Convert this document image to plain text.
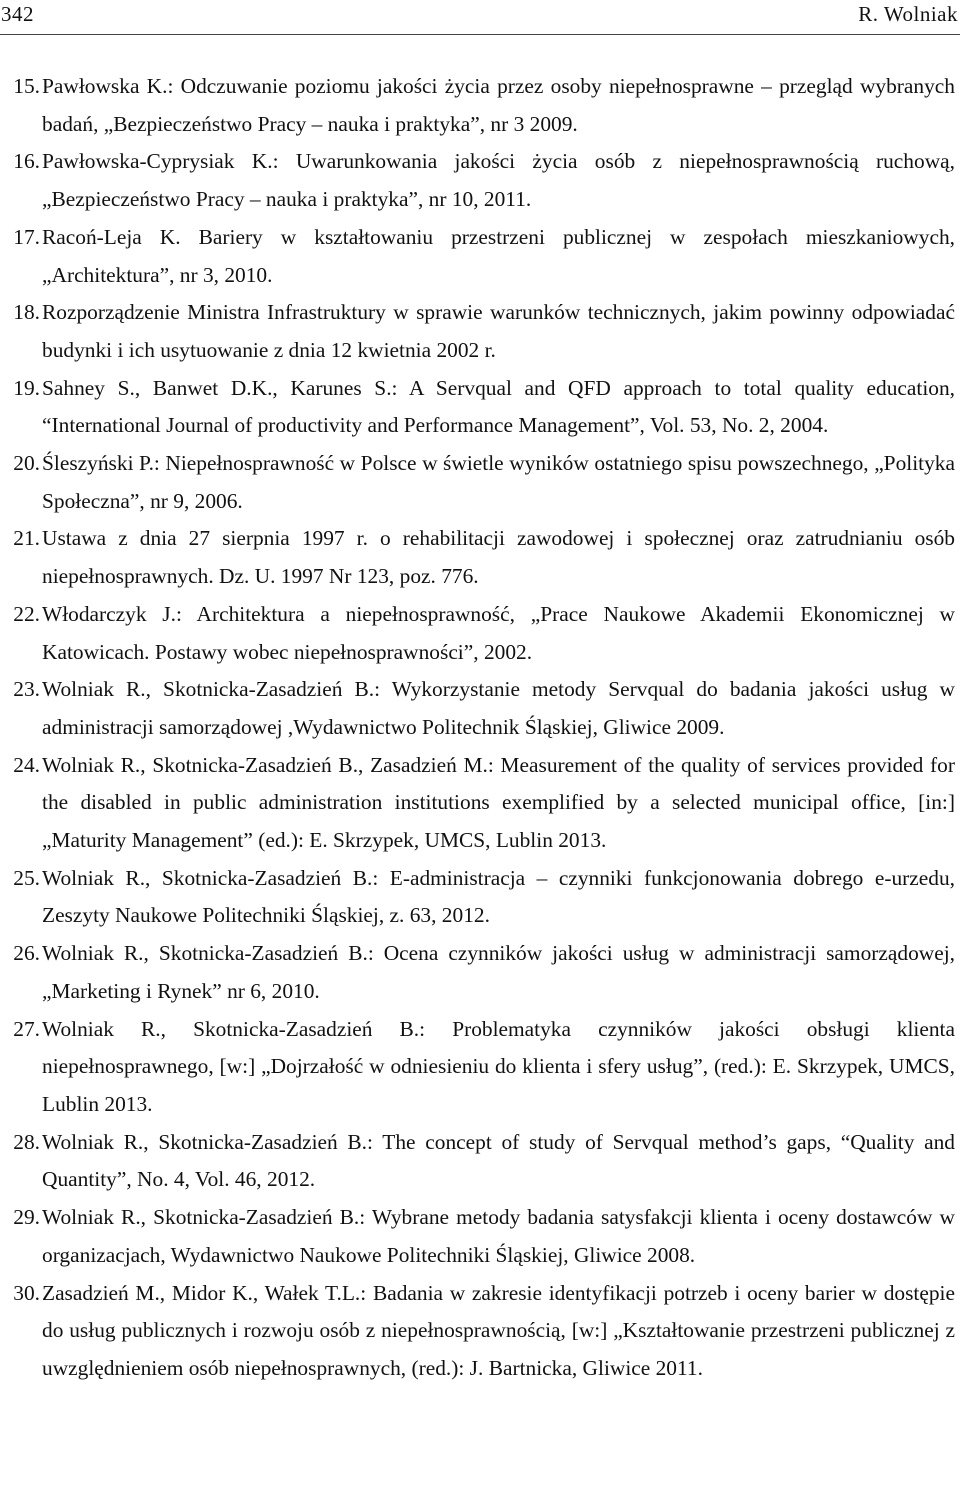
342	R. Wolniak
15. Pawłowska K.: Odczuwanie poziomu jakości życia przez osoby niepełnosprawne – przegląd wybranych badań, „Bezpieczeństwo Pracy – nauka i praktyka”, nr 3 2009.
16. Pawłowska-Cyprysiak K.: Uwarunkowania jakości życia osób z niepełnosprawnością ruchową, „Bezpieczeństwo Pracy – nauka i praktyka”, nr 10, 2011.
17. Racoń-Leja K. Bariery w kształtowaniu przestrzeni publicznej w zespołach mieszkaniowych, „Architektura”, nr 3, 2010.
18. Rozporządzenie Ministra Infrastruktury w sprawie warunków technicznych, jakim powinny odpowiadać budynki i ich usytuowanie z dnia 12 kwietnia 2002 r.
19. Sahney S., Banwet D.K., Karunes S.: A Servqual and QFD approach to total quality education, “International Journal of productivity and Performance Management”, Vol. 53, No. 2, 2004.
20. Śleszyński P.: Niepełnosprawność w Polsce w świetle wyników ostatniego spisu powszechnego, „Polityka Społeczna”, nr 9, 2006.
21. Ustawa z dnia 27 sierpnia 1997 r. o rehabilitacji zawodowej i społecznej oraz zatrudnianiu osób niepełnosprawnych. Dz. U. 1997 Nr 123, poz. 776.
22. Włodarczyk J.: Architektura a niepełnosprawność, „Prace Naukowe Akademii Ekonomicznej w Katowicach. Postawy wobec niepełnosprawności”, 2002.
23. Wolniak R., Skotnicka-Zasadzień B.: Wykorzystanie metody Servqual do badania jakości usług w administracji samorządowej ,Wydawnictwo Politechnik Śląskiej, Gliwice 2009.
24. Wolniak R., Skotnicka-Zasadzień B., Zasadzień M.: Measurement of the quality of services provided for the disabled in public administration institutions exemplified by a selected municipal office, [in:] „Maturity Management” (ed.): E. Skrzypek, UMCS, Lublin 2013.
25. Wolniak R., Skotnicka-Zasadzień B.: E-administracja – czynniki funkcjonowania dobrego e-urzedu, Zeszyty Naukowe Politechniki Śląskiej, z. 63, 2012.
26. Wolniak R., Skotnicka-Zasadzień B.: Ocena czynników jakości usług w administracji samorządowej, „Marketing i Rynek” nr 6, 2010.
27. Wolniak R., Skotnicka-Zasadzień B.: Problematyka czynników jakości obsługi klienta niepełnosprawnego, [w:] „Dojrzałość w odniesieniu do klienta i sfery usług”, (red.): E. Skrzypek, UMCS, Lublin 2013.
28. Wolniak R., Skotnicka-Zasadzień B.: The concept of study of Servqual method’s gaps, “Quality and Quantity”, No. 4, Vol. 46, 2012.
29. Wolniak R., Skotnicka-Zasadzień B.: Wybrane metody badania satysfakcji klienta i oceny dostawców w organizacjach, Wydawnictwo Naukowe Politechniki Śląskiej, Gliwice 2008.
30. Zasadzień M., Midor K., Wałek T.L.: Badania w zakresie identyfikacji potrzeb i oceny barier w dostępie do usług publicznych i rozwoju osób z niepełnosprawnością, [w:] „Kształtowanie przestrzeni publicznej z uwzględnieniem osób niepełnosprawnych, (red.): J. Bartnicka, Gliwice 2011.
